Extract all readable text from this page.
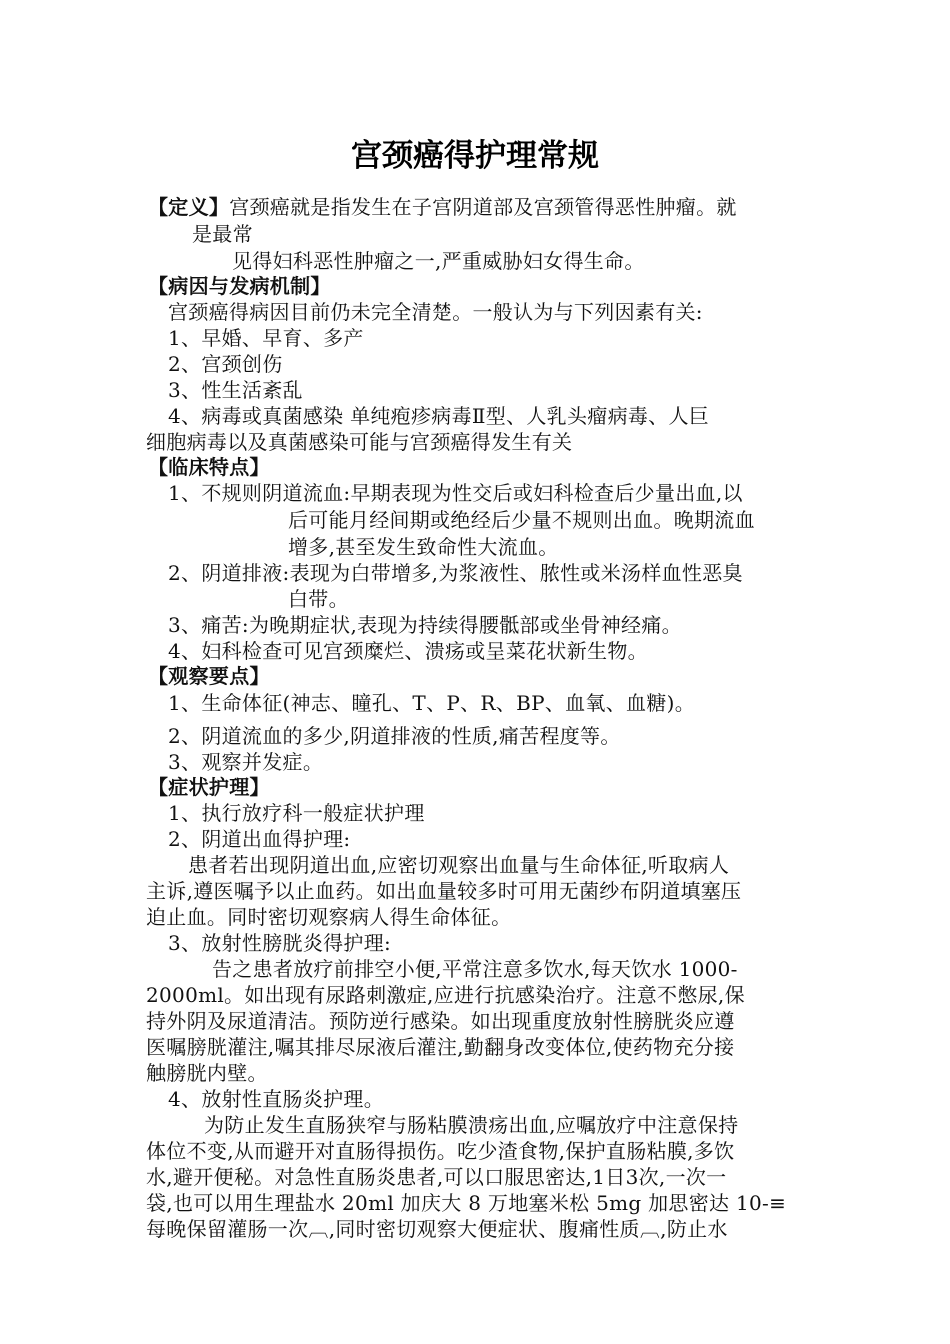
宫颈癌得护理常规
【定义】宫颈癌就是指发生在子宫阴道部及宫颈管得恶性肿瘤。就
是最常
见得妇科恶性肿瘤之一,严重威胁妇女得生命。
【病因与发病机制】
宫颈癌得病因目前仍未完全清楚。一般认为与下列因素有关:
1、早婚、早育、多产
2、宫颈创伤
3、性生活紊乱
4、病毒或真菌感染 单纯疱疹病毒Ⅱ型、人乳头瘤病毒、人巨
细胞病毒以及真菌感染可能与宫颈癌得发生有关
【临床特点】
1、不规则阴道流血:早期表现为性交后或妇科检查后少量出血,以
后可能月经间期或绝经后少量不规则出血。晚期流血
增多,甚至发生致命性大流血。
2、阴道排液:表现为白带增多,为浆液性、脓性或米汤样血性恶臭
白带。
3、痛苦:为晚期症状,表现为持续得腰骶部或坐骨神经痛。
4、妇科检查可见宫颈糜烂、溃疡或呈菜花状新生物。
【观察要点】
1、生命体征(神志、瞳孔、T、P、R、BP、血氧、血糖)。
2、阴道流血的多少,阴道排液的性质,痛苦程度等。
3、观察并发症。
【症状护理】
1、执行放疗科一般症状护理
2、阴道出血得护理:
患者若出现阴道出血,应密切观察出血量与生命体征,听取病人
主诉,遵医嘱予以止血药。如出血量较多时可用无菌纱布阴道填塞压
迫止血。同时密切观察病人得生命体征。
3、放射性膀胱炎得护理:
告之患者放疗前排空小便,平常注意多饮水,每天饮水 1000-
2000ml。如出现有尿路刺激症,应进行抗感染治疗。注意不憋尿,保
持外阴及尿道清洁。预防逆行感染。如出现重度放射性膀胱炎应遵
医嘱膀胱灌注,嘱其排尽尿液后灌注,勤翻身改变体位,使药物充分接
触膀胱内壁。
4、放射性直肠炎护理。
为防止发生直肠狭窄与肠粘膜溃疡出血,应嘱放疗中注意保持
体位不变,从而避开对直肠得损伤。吃少渣食物,保护直肠粘膜,多饮
水,避开便秘。对急性直肠炎患者,可以口服思密达,1日3次,一次一
袋,也可以用生理盐水 20ml 加庆大 8 万地塞米松 5mg 加思密达 10-≡
每晚保留灌肠一次︹,同时密切观察大便症状、腹痛性质︹,防止水
